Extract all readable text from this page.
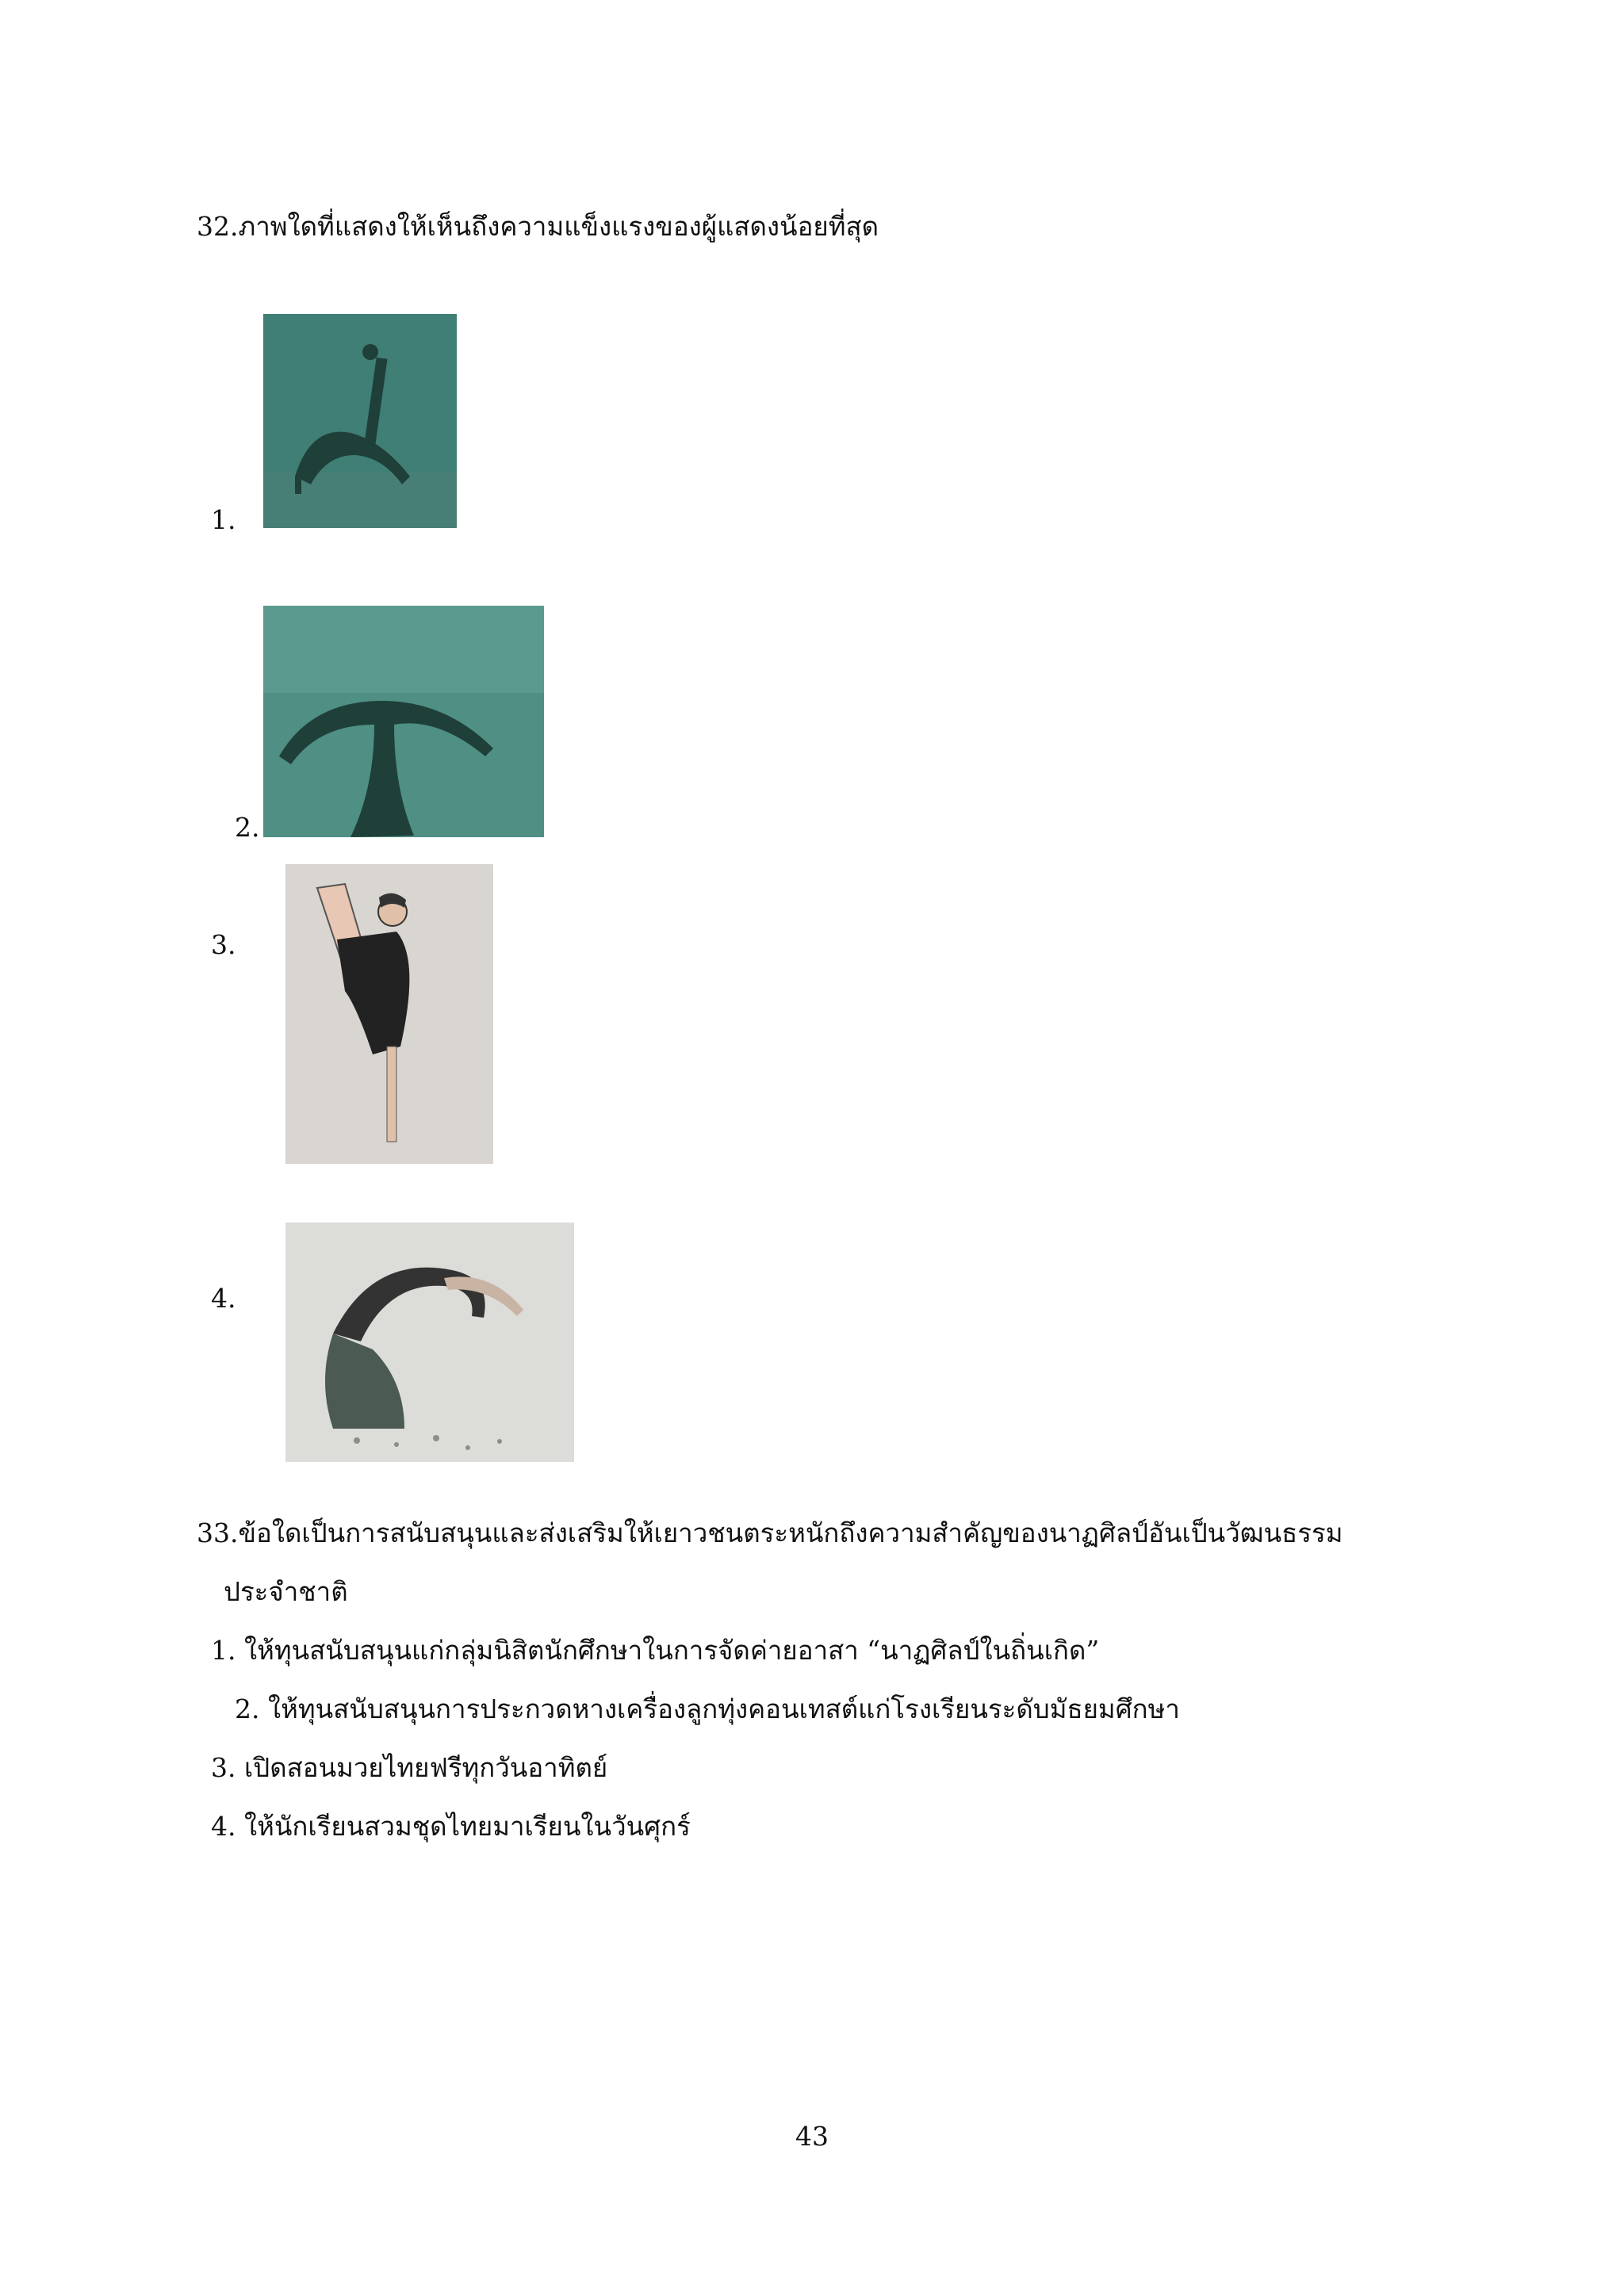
32.ภาพใดที่แสดงให้เห็นถึงความแข็งแรงของผู้แสดงน้อยที่สุด
1.
2.
3.
4.
33.ข้อใดเป็นการสนับสนุนและส่งเสริมให้เยาวชนตระหนักถึงความสำคัญของนาฏศิลป์อันเป็นวัฒนธรรม
ประจำชาติ
1. ให้ทุนสนับสนุนแก่กลุ่มนิสิตนักศึกษาในการจัดค่ายอาสา “นาฏศิลป์ในถิ่นเกิด”
2. ให้ทุนสนับสนุนการประกวดหางเครื่องลูกทุ่งคอนเทสต์แก่โรงเรียนระดับมัธยมศึกษา
3. เปิดสอนมวยไทยฟรีทุกวันอาทิตย์
4. ให้นักเรียนสวมชุดไทยมาเรียนในวันศุกร์
43
